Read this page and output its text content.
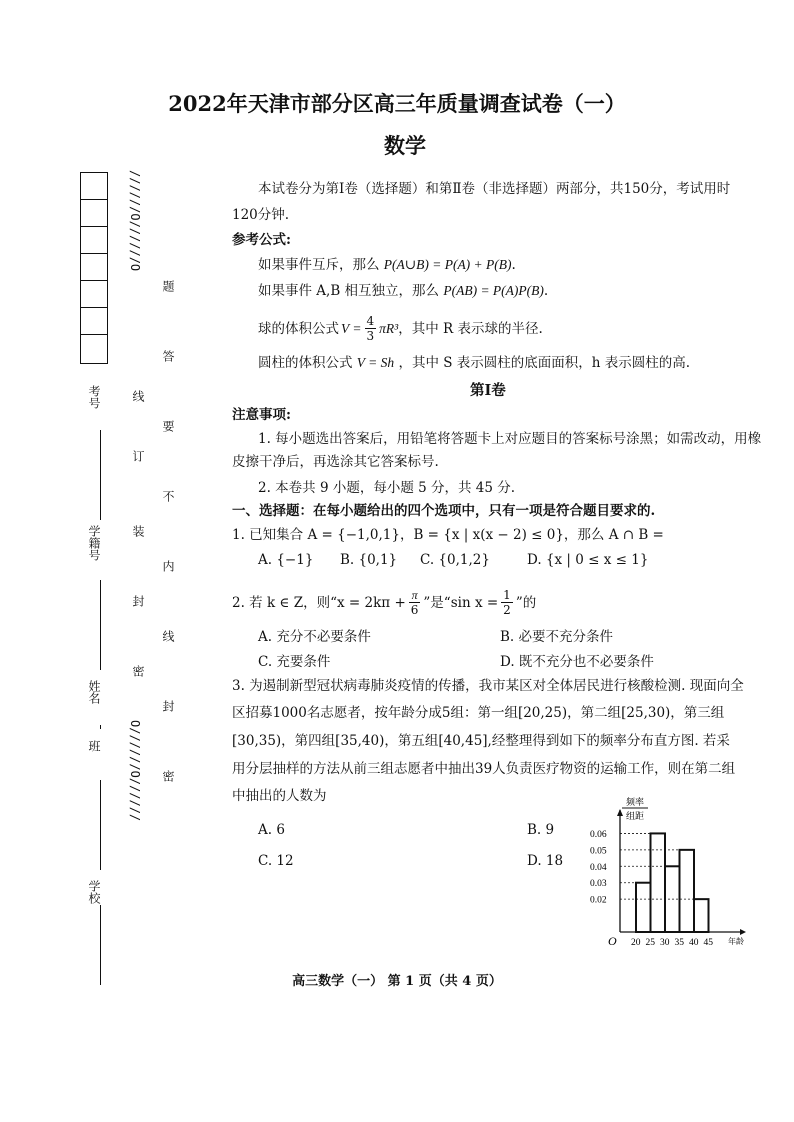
2022年天津市部分区高三年质量调查试卷（一）
数学
考号
学籍号
姓名
班
学校
//////O//////O
线
订
装
封
密
O//////O//////
题
答
要
不
内
线
封
密
本试卷分为第Ⅰ卷（选择题）和第Ⅱ卷（非选择题）两部分，共150分，考试用时
120分钟.
参考公式:
如果事件互斥，那么 P(A∪B) = P(A) + P(B).
如果事件 A,B 相互独立，那么 P(AB) = P(A)P(B).
球的体积公式 $V = \frac{4}{3} \pi R^3$ ，其中 R 表示球的半径.
圆柱的体积公式 V = Sh ，其中 S 表示圆柱的底面面积，h 表示圆柱的高.
第Ⅰ卷
注意事项:
1. 每小题选出答案后，用铅笔将答题卡上对应题目的答案标号涂黑；如需改动，用橡
皮擦干净后，再选涂其它答案标号.
2. 本卷共 9 小题，每小题 5 分，共 45 分.
一、选择题：在每小题给出的四个选项中，只有一项是符合题目要求的.
1. 已知集合 A = {−1,0,1}，B = {x | x(x − 2) ≤ 0}，那么 A ∩ B =
A. {−1} B. {0,1} C. {0,1,2}	D. {x | 0 ≤ x ≤ 1}
2. 若 k ∈ Z，则“$x = 2k\pi + \frac{\pi}{6}$ ”是“sin $x = \frac{1}{2}$ ”的
A. 充分不必要条件	B. 必要不充分条件
C. 充要条件	D. 既不充分也不必要条件
3. 为遏制新型冠状病毒肺炎疫情的传播，我市某区对全体居民进行核酸检测. 现面向全
区招募1000名志愿者，按年龄分成5组：第一组[20,25)，第二组[25,30)，第三组
[30,35)，第四组[35,40)，第五组[40,45],经整理得到如下的频率分布直方图. 若采
用分层抽样的方法从前三组志愿者中抽出39人负责医疗物资的运输工作，则在第二组
中抽出的人数为
A. 6	B. 9
C. 12	D. 18
频率
组距
O	年龄
0.06
0.05
0.04
0.03
0.02
20 25 30 35 40 45
高三数学（一） 第 1 页（共 4 页）
